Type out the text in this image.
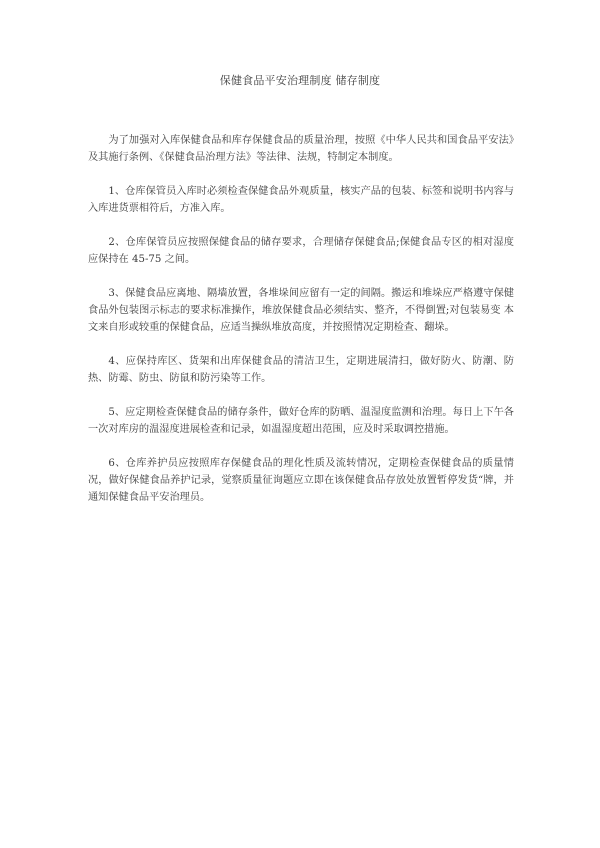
保健食品平安治理制度 储存制度

为了加强对入库保健食品和库存保健食品的质量治理，按照《中华人民共和国食品平安法》及其施行条例、《保健食品治理方法》等法律、法规，特制定本制度。

1、仓库保管员入库时必须检查保健食品外观质量，核实产品的包装、标签和说明书内容与入库进货票相符后，方准入库。

2、仓库保管员应按照保健食品的储存要求，合理储存保健食品;保健食品专区的相对湿度应保持在 45-75 之间。

3、保健食品应离地、隔墙放置，各堆垛间应留有一定的间隔。搬运和堆垛应严格遵守保健食品外包装图示标志的要求标准操作，堆放保健食品必须结实、整齐，不得倒置;对包装易变 本文来自形或较重的保健食品，应适当操纵堆放高度，并按照情况定期检查、翻垛。

4、应保持库区、货架和出库保健食品的清洁卫生，定期进展清扫，做好防火、防潮、防热、防霉、防虫、防鼠和防污染等工作。

5、应定期检查保健食品的储存条件，做好仓库的防晒、温湿度监测和治理。每日上下午各一次对库房的温湿度进展检查和记录，如温湿度超出范围，应及时采取调控措施。

6、仓库养护员应按照库存保健食品的理化性质及流转情况，定期检查保健食品的质量情况，做好保健食品养护记录，觉察质量征询题应立即在该保健食品存放处放置暂停发货“牌，并通知保健食品平安治理员。
